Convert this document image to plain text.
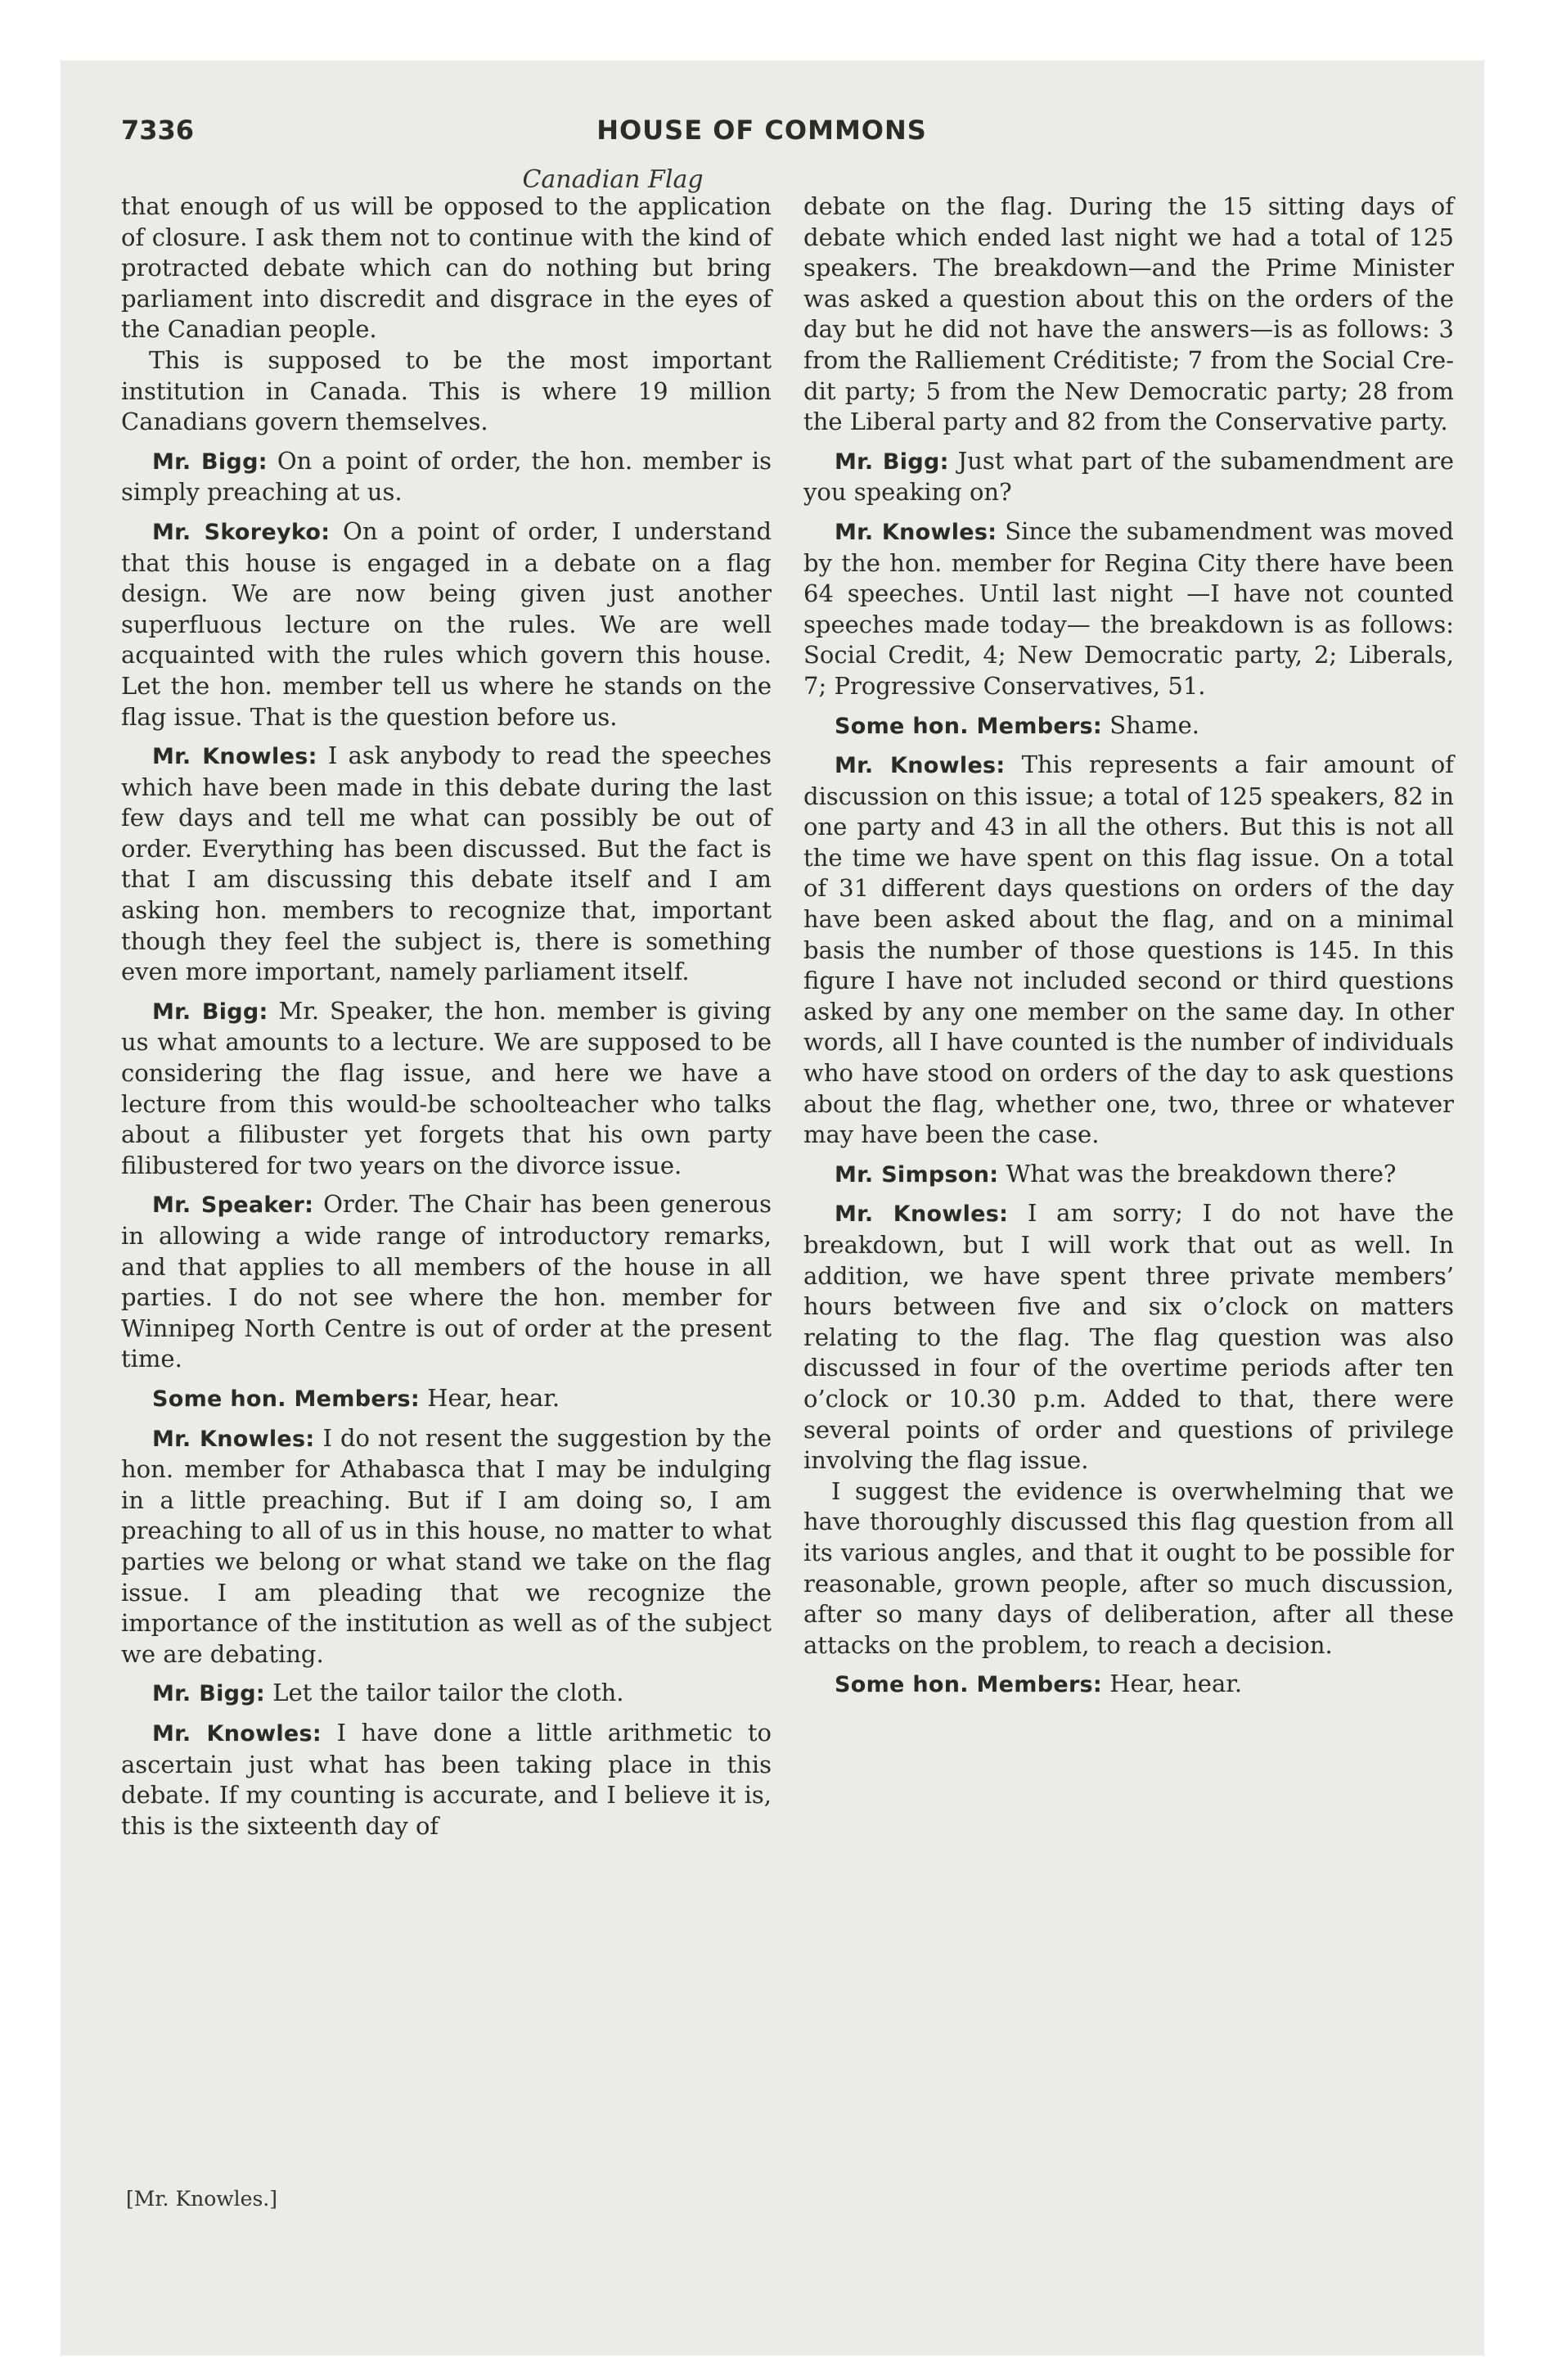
7336	HOUSE OF COMMONS
Canadian Flag

that enough of us will be opposed to the application of closure. I ask them not to continue with the kind of protracted debate which can do nothing but bring parliament into discredit and disgrace in the eyes of the Canadian people.

This is supposed to be the most important institution in Canada. This is where 19 million Canadians govern themselves.

Mr. Bigg: On a point of order, the hon. member is simply preaching at us.

Mr. Skoreyko: On a point of order, I understand that this house is engaged in a debate on a flag design. We are now being given just another superfluous lecture on the rules. We are well acquainted with the rules which govern this house. Let the hon. member tell us where he stands on the flag issue. That is the question before us.

Mr. Knowles: I ask anybody to read the speeches which have been made in this debate during the last few days and tell me what can possibly be out of order. Everything has been discussed. But the fact is that I am discussing this debate itself and I am asking hon. members to recognize that, important though they feel the subject is, there is something even more important, namely parliament itself.

Mr. Bigg: Mr. Speaker, the hon. member is giving us what amounts to a lecture. We are supposed to be considering the flag issue, and here we have a lecture from this would-be schoolteacher who talks about a filibuster yet forgets that his own party filibustered for two years on the divorce issue.

Mr. Speaker: Order. The Chair has been generous in allowing a wide range of introductory remarks, and that applies to all members of the house in all parties. I do not see where the hon. member for Winnipeg North Centre is out of order at the present time.

Some hon. Members: Hear, hear.

Mr. Knowles: I do not resent the suggestion by the hon. member for Athabasca that I may be indulging in a little preaching. But if I am doing so, I am preaching to all of us in this house, no matter to what parties we belong or what stand we take on the flag issue. I am pleading that we recognize the importance of the institution as well as of the subject we are debating.

Mr. Bigg: Let the tailor tailor the cloth.

Mr. Knowles: I have done a little arithmetic to ascertain just what has been taking place in this debate. If my counting is accurate, and I believe it is, this is the sixteenth day of

debate on the flag. During the 15 sitting days of debate which ended last night we had a total of 125 speakers. The breakdown—and the Prime Minister was asked a question about this on the orders of the day but he did not have the answers—is as follows: 3 from the Ralliement Créditiste; 7 from the Social Credit party; 5 from the New Democratic party; 28 from the Liberal party and 82 from the Conservative party.

Mr. Bigg: Just what part of the subamendment are you speaking on?

Mr. Knowles: Since the subamendment was moved by the hon. member for Regina City there have been 64 speeches. Until last night —I have not counted speeches made today— the breakdown is as follows: Social Credit, 4; New Democratic party, 2; Liberals, 7; Progressive Conservatives, 51.

Some hon. Members: Shame.

Mr. Knowles: This represents a fair amount of discussion on this issue; a total of 125 speakers, 82 in one party and 43 in all the others. But this is not all the time we have spent on this flag issue. On a total of 31 different days questions on orders of the day have been asked about the flag, and on a minimal basis the number of those questions is 145. In this figure I have not included second or third questions asked by any one member on the same day. In other words, all I have counted is the number of individuals who have stood on orders of the day to ask questions about the flag, whether one, two, three or whatever may have been the case.

Mr. Simpson: What was the breakdown there?

Mr. Knowles: I am sorry; I do not have the breakdown, but I will work that out as well. In addition, we have spent three private members’ hours between five and six o’clock on matters relating to the flag. The flag question was also discussed in four of the overtime periods after ten o’clock or 10.30 p.m. Added to that, there were several points of order and questions of privilege involving the flag issue.

I suggest the evidence is overwhelming that we have thoroughly discussed this flag question from all its various angles, and that it ought to be possible for reasonable, grown people, after so much discussion, after so many days of deliberation, after all these attacks on the problem, to reach a decision.

Some hon. Members: Hear, hear.

[Mr. Knowles.]
